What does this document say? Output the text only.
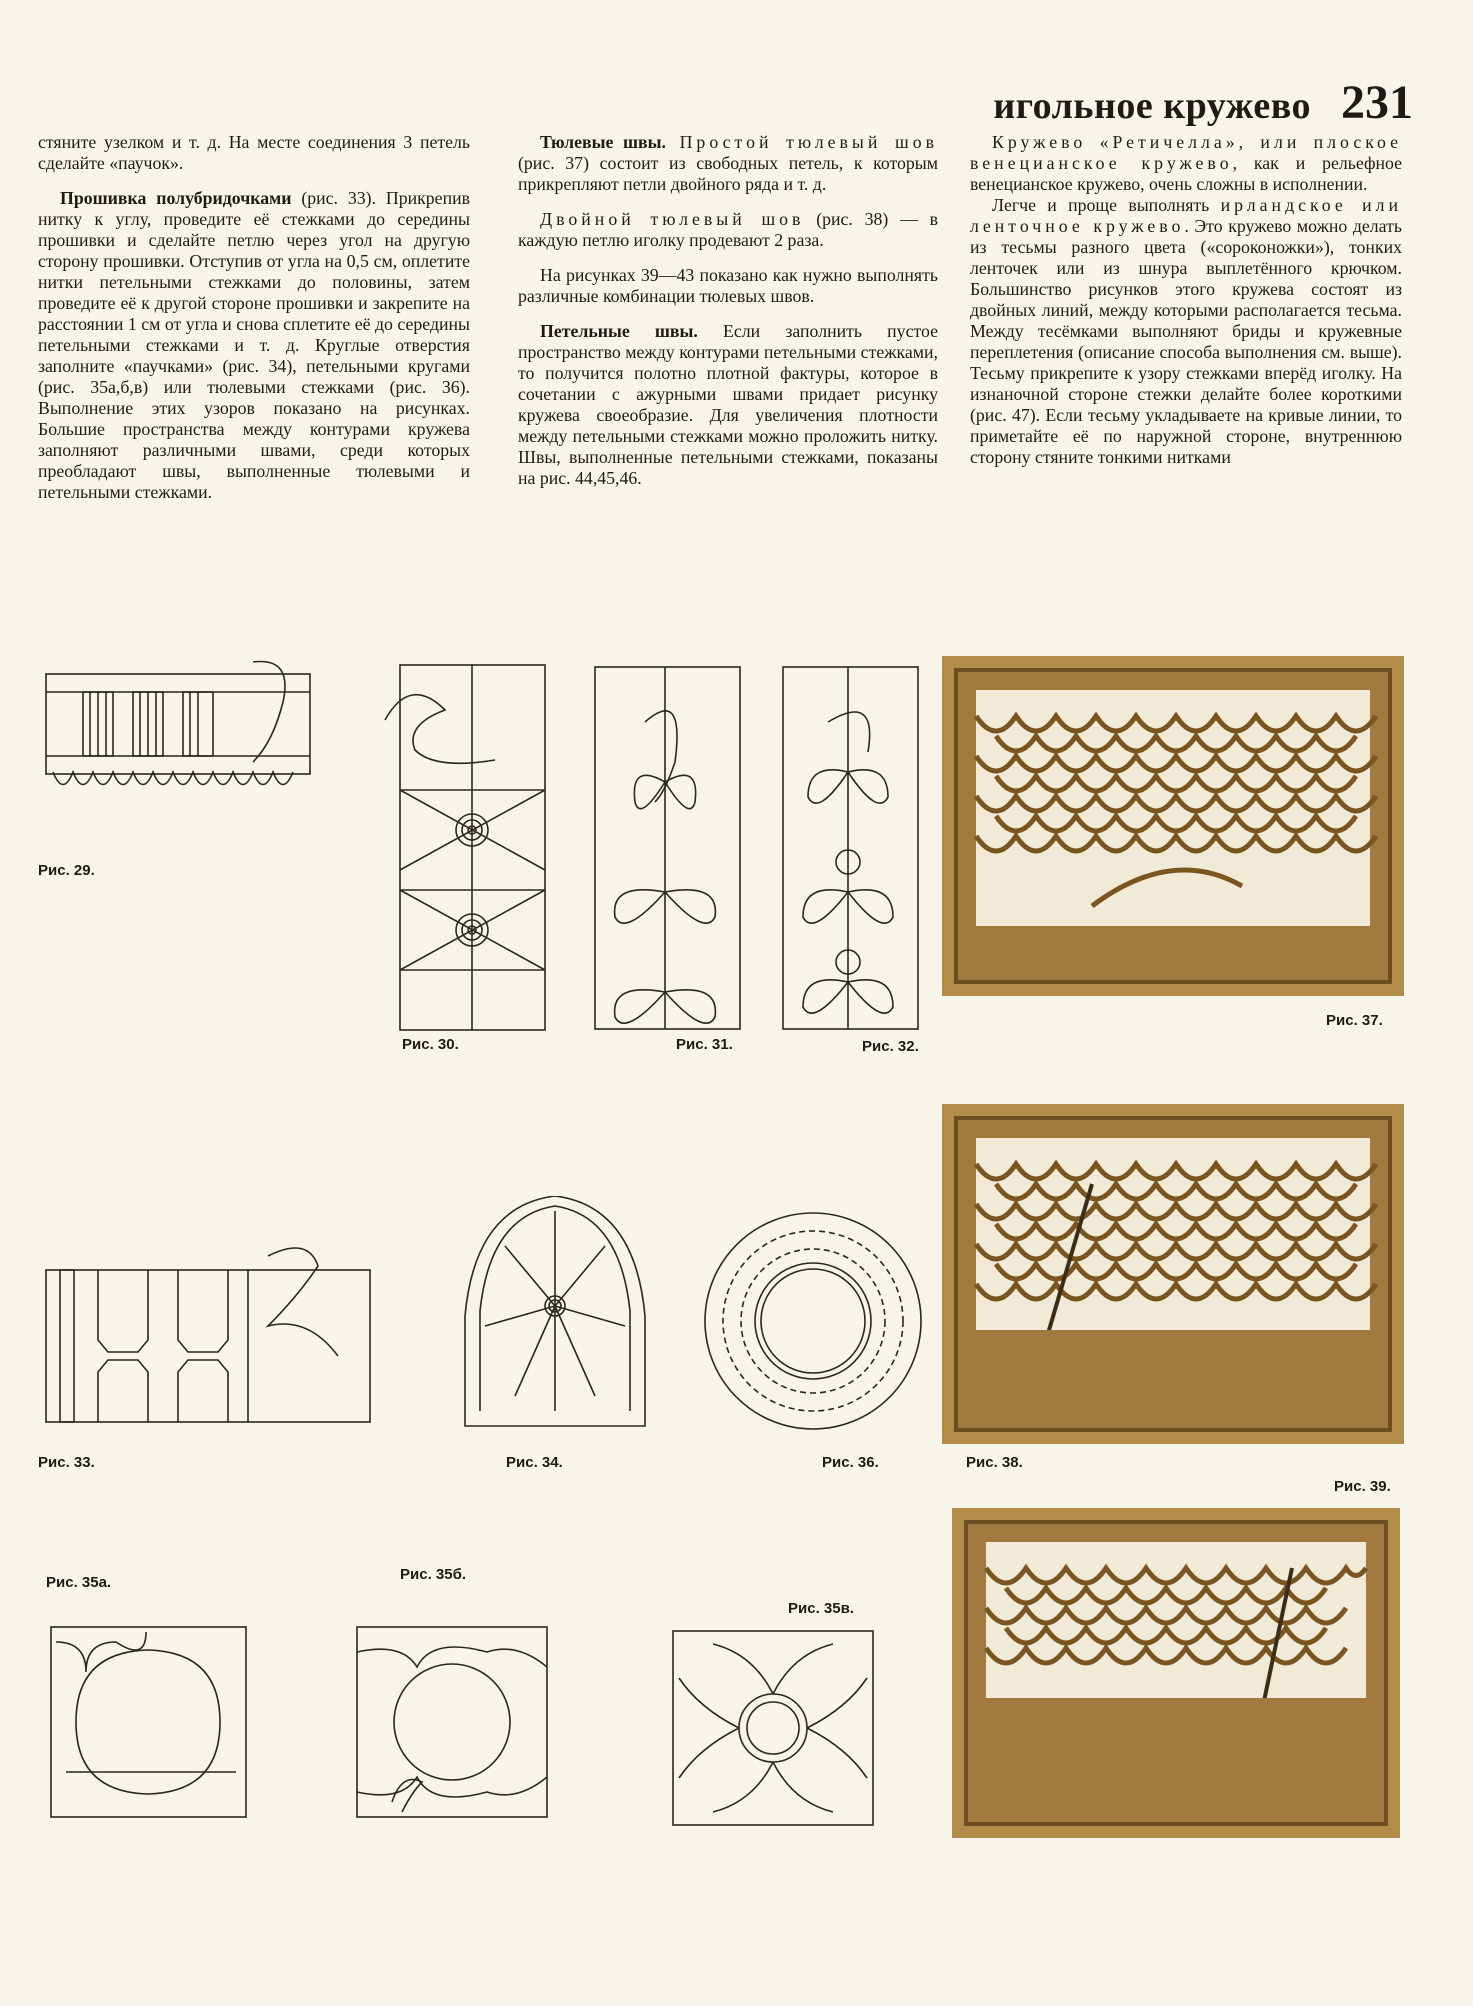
игольное кружево 231

стяните узелком и т. д. На месте соединения 3 петель сделайте «паучок».

Прошивка полубридочками (рис. 33). Прикрепив нитку к углу, проведите её стежками до середины прошивки и сделайте петлю через угол на другую сторону прошивки. Отступив от угла на 0,5 см, оплетите нитки петельными стежками до половины, затем проведите её к другой стороне прошивки и закрепите на расстоянии 1 см от угла и снова сплетите её до середины петельными стежками и т. д. Круглые отверстия заполните «паучками» (рис. 34), петельными кругами (рис. 35а,б,в) или тюлевыми стежками (рис. 36). Выполнение этих узоров показано на рисунках. Большие пространства между контурами кружева заполняют различными швами, среди которых преобладают швы, выполненные тюлевыми и петельными стежками.

Тюлевые швы. Простой тюлевый шов (рис. 37) состоит из свободных петель, к которым прикрепляют петли двойного ряда и т. д.

Двойной тюлевый шов (рис. 38) — в каждую петлю иголку продевают 2 раза.

На рисунках 39—43 показано как нужно выполнять различные комбинации тюлевых швов.

Петельные швы. Если заполнить пустое пространство между контурами петельными стежками, то получится полотно плотной фактуры, которое в сочетании с ажурными швами придает рисунку кружева своеобразие. Для увеличения плотности между петельными стежками можно проложить нитку. Швы, выполненные петельными стежками, показаны на рис. 44,45,46.

Кружево «Ретичелла», или плоское венецианское кружево, как и рельефное венецианское кружево, очень сложны в исполнении.

Легче и проще выполнять ирландское или ленточное кружево. Это кружево можно делать из тесьмы разного цвета («сороконожки»), тонких ленточек или из шнура выплетённого крючком. Большинство рисунков этого кружева состоят из двойных линий, между которыми располагается тесьма. Между тесёмками выполняют бриды и кружевные переплетения (описание способа выполнения см. выше). Тесьму прикрепите к узору стежками вперёд иголку. На изнаночной стороне стежки делайте более короткими (рис. 47). Если тесьму укладываете на кривые линии, то приметайте её по наружной стороне, внутреннюю сторону стяните тонкими нитками

Рис. 29.
Рис. 30.	Рис. 31.	Рис. 32.
Рис. 37.
Рис. 38.
Рис. 39.
Рис. 33.	Рис. 34.	Рис. 36.
Рис. 35а.	Рис. 35б.
Рис. 35в.
